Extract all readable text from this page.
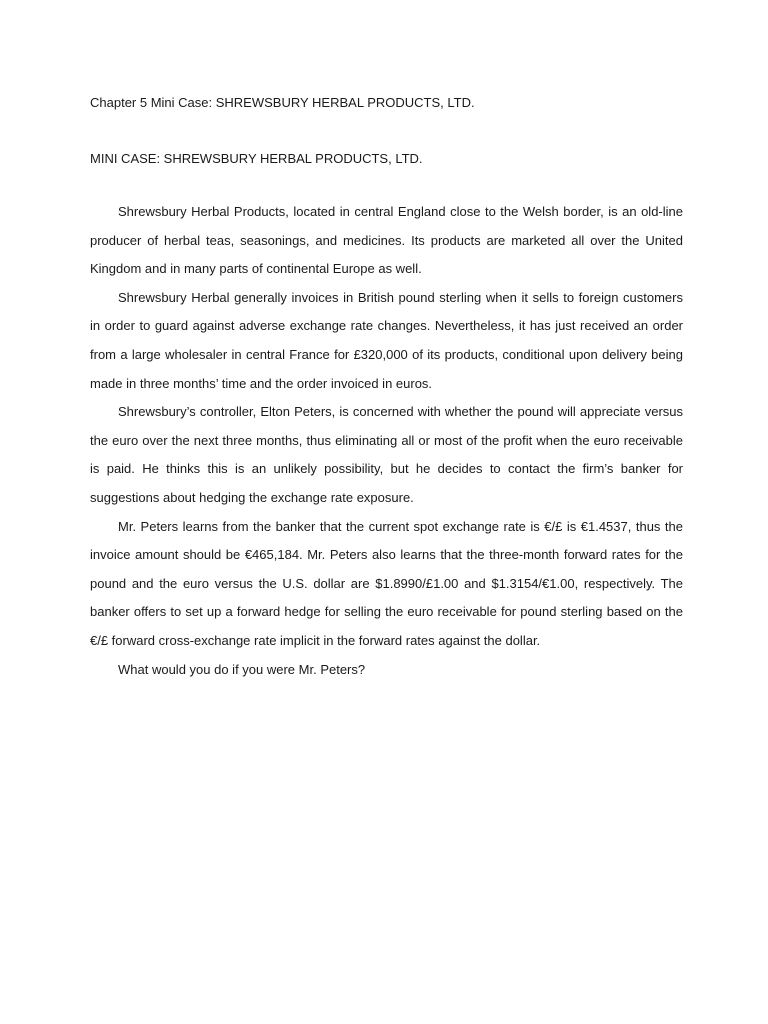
Chapter 5 Mini Case: SHREWSBURY HERBAL PRODUCTS, LTD.

MINI CASE: SHREWSBURY HERBAL PRODUCTS, LTD.

Shrewsbury Herbal Products, located in central England close to the Welsh border, is an old-line producer of herbal teas, seasonings, and medicines. Its products are marketed all over the United Kingdom and in many parts of continental Europe as well.

Shrewsbury Herbal generally invoices in British pound sterling when it sells to foreign customers in order to guard against adverse exchange rate changes. Nevertheless, it has just received an order from a large wholesaler in central France for £320,000 of its products, conditional upon delivery being made in three months’ time and the order invoiced in euros.

Shrewsbury’s controller, Elton Peters, is concerned with whether the pound will appreciate versus the euro over the next three months, thus eliminating all or most of the profit when the euro receivable is paid. He thinks this is an unlikely possibility, but he decides to contact the firm’s banker for suggestions about hedging the exchange rate exposure.

Mr. Peters learns from the banker that the current spot exchange rate is €/£ is €1.4537, thus the invoice amount should be €465,184. Mr. Peters also learns that the three-month forward rates for the pound and the euro versus the U.S. dollar are $1.8990/£1.00 and $1.3154/€1.00, respectively. The banker offers to set up a forward hedge for selling the euro receivable for pound sterling based on the €/£ forward cross-exchange rate implicit in the forward rates against the dollar.

What would you do if you were Mr. Peters?
